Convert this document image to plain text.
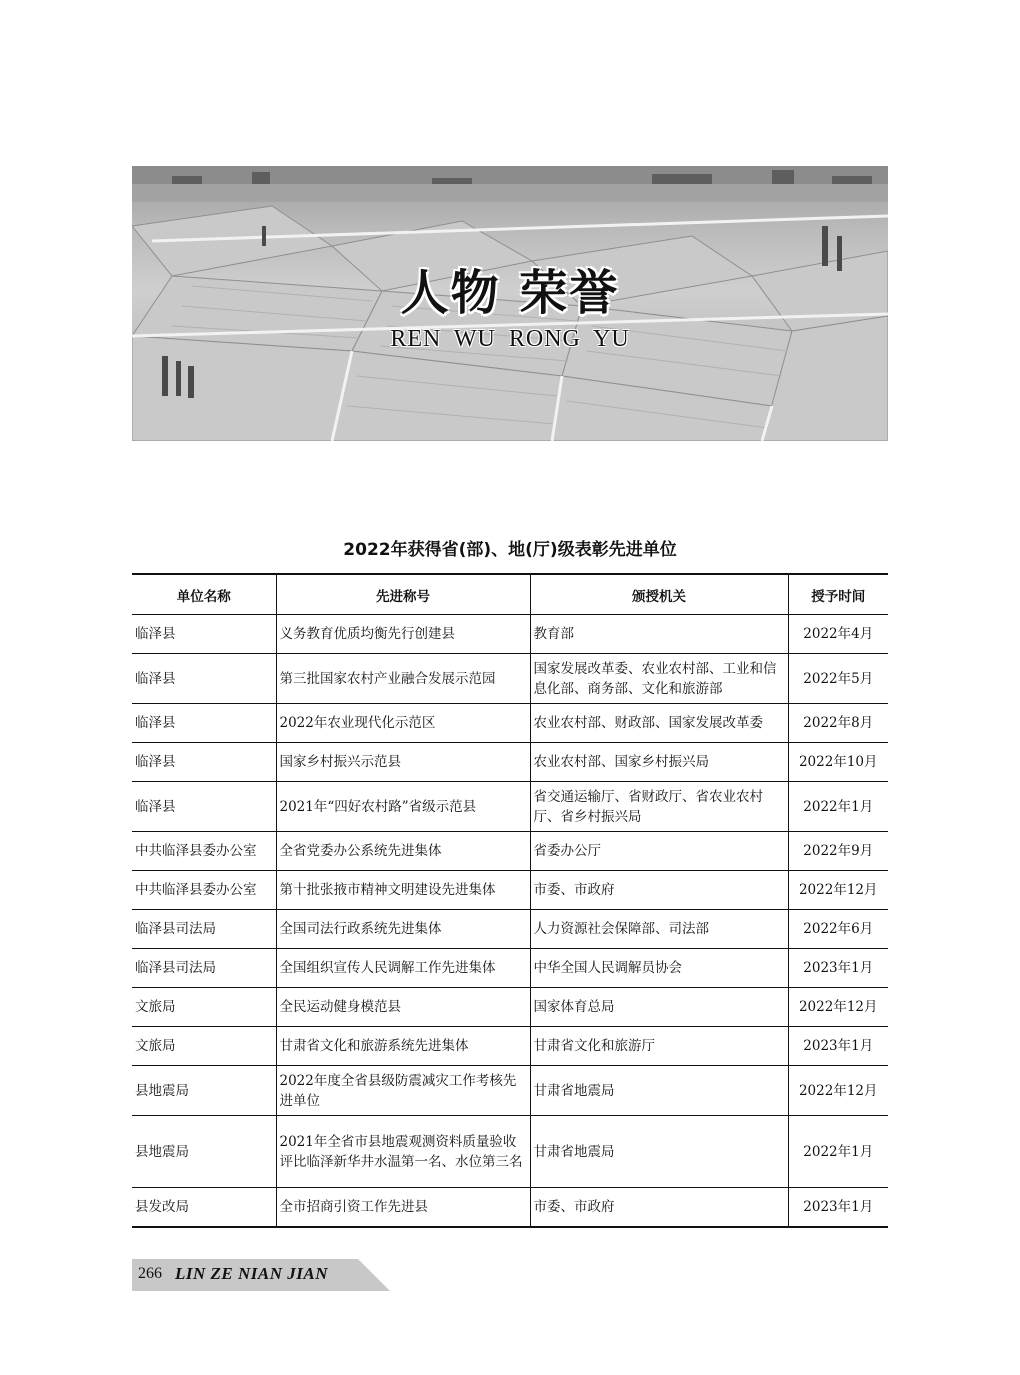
人物 荣誉
REN WU RONG YU
2022年获得省(部)、地(厅)级表彰先进单位
单位名称	先进称号	颁授机关	授予时间
临泽县	义务教育优质均衡先行创建县	教育部	2022年4月
临泽县	第三批国家农村产业融合发展示范园	国家发展改革委、农业农村部、工业和信息化部、商务部、文化和旅游部	2022年5月
临泽县	2022年农业现代化示范区	农业农村部、财政部、国家发展改革委	2022年8月
临泽县	国家乡村振兴示范县	农业农村部、国家乡村振兴局	2022年10月
临泽县	2021年“四好农村路”省级示范县	省交通运输厅、省财政厅、省农业农村厅、省乡村振兴局	2022年1月
中共临泽县委办公室	全省党委办公系统先进集体	省委办公厅	2022年9月
中共临泽县委办公室	第十批张掖市精神文明建设先进集体	市委、市政府	2022年12月
临泽县司法局	全国司法行政系统先进集体	人力资源社会保障部、司法部	2022年6月
临泽县司法局	全国组织宣传人民调解工作先进集体	中华全国人民调解员协会	2023年1月
文旅局	全民运动健身模范县	国家体育总局	2022年12月
文旅局	甘肃省文化和旅游系统先进集体	甘肃省文化和旅游厅	2023年1月
县地震局	2022年度全省县级防震减灾工作考核先进单位	甘肃省地震局	2022年12月
县地震局	2021年全省市县地震观测资料质量验收评比临泽新华井水温第一名、水位第三名	甘肃省地震局	2022年1月
县发改局	全市招商引资工作先进县	市委、市政府	2023年1月
266 LIN ZE NIAN JIAN
